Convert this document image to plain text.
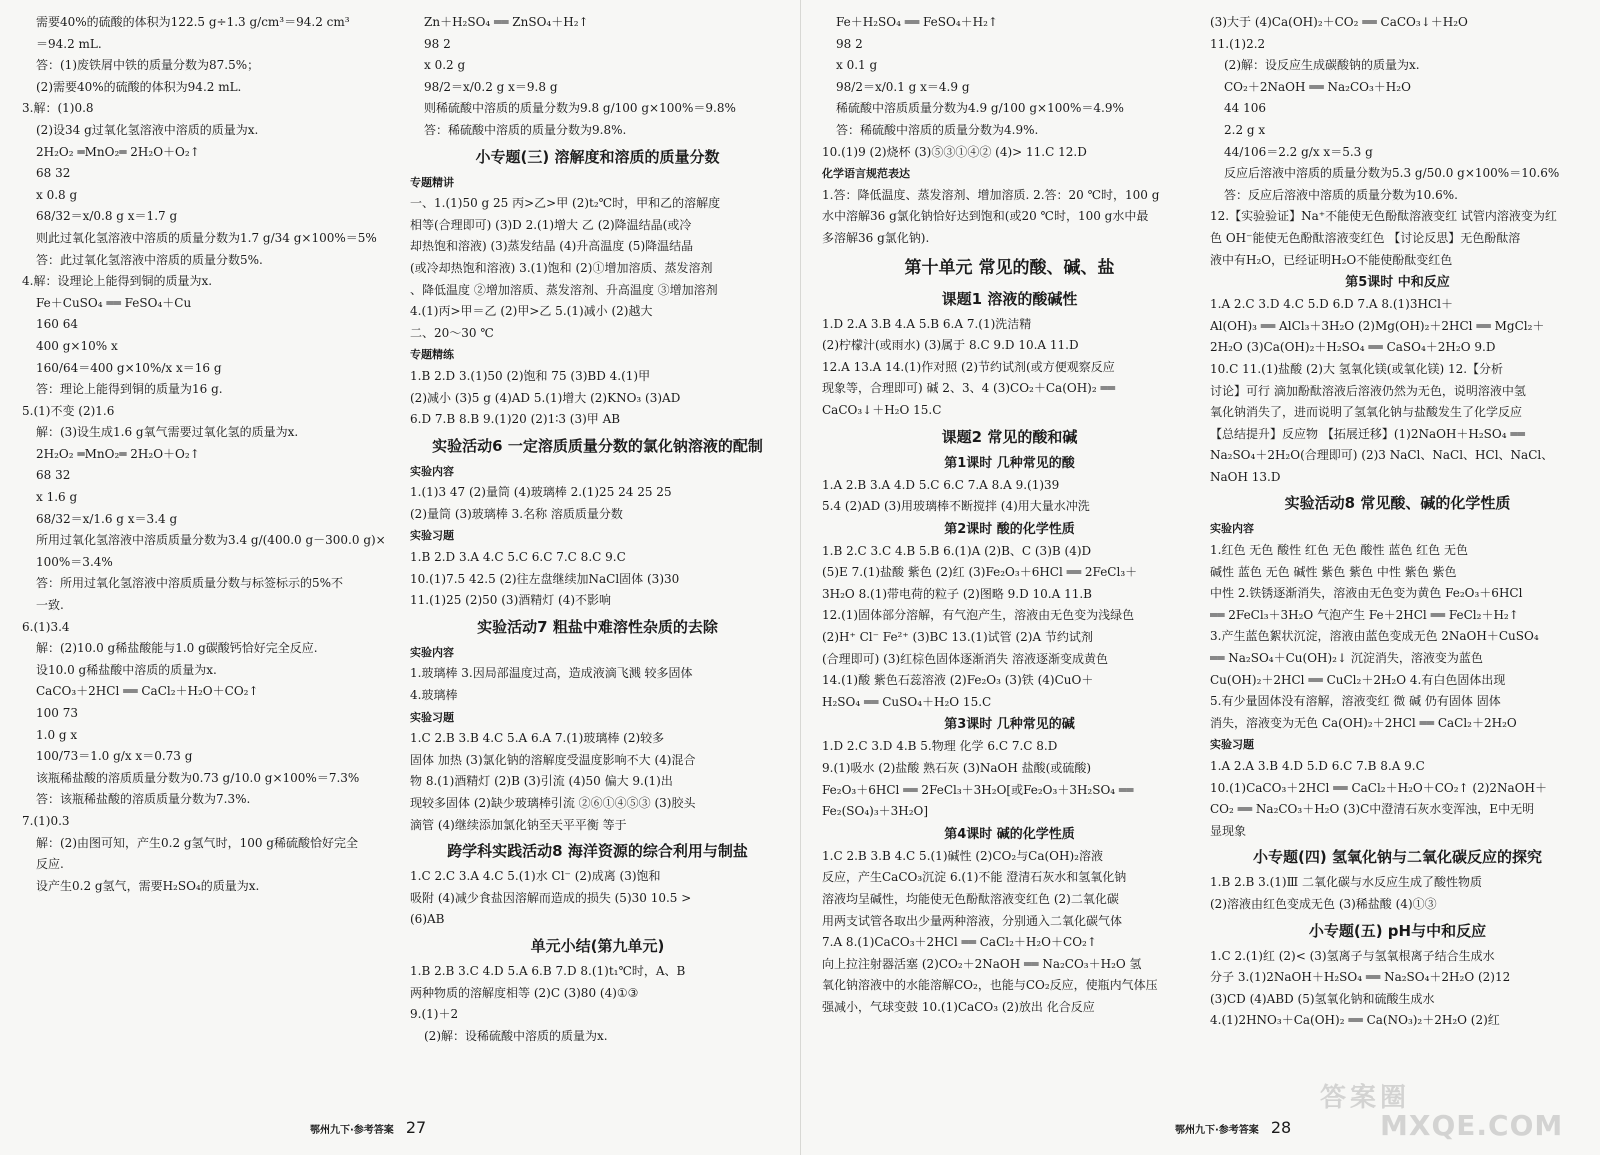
需要40%的硫酸的体积为122.5 g÷1.3 g/cm³＝94.2 cm³
＝94.2 mL.
答：(1)废铁屑中铁的质量分数为87.5%；
(2)需要40%的硫酸的体积为94.2 mL.
3.解：(1)0.8
(2)设34 g过氧化氢溶液中溶质的质量为x.
2H₂O₂ ═MnO₂═ 2H₂O＋O₂↑
68 32
x 0.8 g
68/32＝x/0.8 g x＝1.7 g
则此过氧化氢溶液中溶质的质量分数为1.7 g/34 g×100%＝5%
答：此过氧化氢溶液中溶质的质量分数5%.
4.解：设理论上能得到铜的质量为x.
Fe＋CuSO₄ ══ FeSO₄＋Cu
160 64
400 g×10% x
160/64＝400 g×10%/x x＝16 g
答：理论上能得到铜的质量为16 g.
5.(1)不变 (2)1.6
解：(3)设生成1.6 g氧气需要过氧化氢的质量为x.
2H₂O₂ ═MnO₂═ 2H₂O＋O₂↑
68 32
x 1.6 g
68/32＝x/1.6 g x＝3.4 g
所用过氧化氢溶液中溶质质量分数为3.4 g/(400.0 g－300.0 g)×
100%＝3.4%
答：所用过氧化氢溶液中溶质质量分数与标签标示的5%不
一致.
6.(1)3.4
解：(2)10.0 g稀盐酸能与1.0 g碳酸钙恰好完全反应.
设10.0 g稀盐酸中溶质的质量为x.
CaCO₃＋2HCl ══ CaCl₂＋H₂O＋CO₂↑
100 73
1.0 g x
100/73＝1.0 g/x x＝0.73 g
该瓶稀盐酸的溶质质量分数为0.73 g/10.0 g×100%＝7.3%
答：该瓶稀盐酸的溶质质量分数为7.3%.
7.(1)0.3
解：(2)由图可知，产生0.2 g氢气时，100 g稀硫酸恰好完全
反应.
设产生0.2 g氢气，需要H₂SO₄的质量为x.
Zn＋H₂SO₄ ══ ZnSO₄＋H₂↑
98 2
x 0.2 g
98/2＝x/0.2 g x＝9.8 g
则稀硫酸中溶质的质量分数为9.8 g/100 g×100%＝9.8%
答：稀硫酸中溶质的质量分数为9.8%.
小专题(三) 溶解度和溶质的质量分数
专题精讲
一、1.(1)50 g 25 丙>乙>甲 (2)t₂℃时，甲和乙的溶解度
相等(合理即可) (3)D 2.(1)增大 乙 (2)降温结晶(或冷
却热饱和溶液) (3)蒸发结晶 (4)升高温度 (5)降温结晶
(或冷却热饱和溶液) 3.(1)饱和 (2)①增加溶质、蒸发溶剂
、降低温度 ②增加溶质、蒸发溶剂、升高温度 ③增加溶剂
4.(1)丙>甲＝乙 (2)甲>乙 5.(1)减小 (2)越大
二、20～30 ℃
专题精练
1.B 2.D 3.(1)50 (2)饱和 75 (3)BD 4.(1)甲
(2)减小 (3)5 g (4)AD 5.(1)增大 (2)KNO₃ (3)AD
6.D 7.B 8.B 9.(1)20 (2)1∶3 (3)甲 AB
实验活动6 一定溶质质量分数的氯化钠溶液的配制
实验内容
1.(1)3 47 (2)量筒 (4)玻璃棒 2.(1)25 24 25 25
(2)量筒 (3)玻璃棒 3.名称 溶质质量分数
实验习题
1.B 2.D 3.A 4.C 5.C 6.C 7.C 8.C 9.C
10.(1)7.5 42.5 (2)往左盘继续加NaCl固体 (3)30
11.(1)25 (2)50 (3)酒精灯 (4)不影响
实验活动7 粗盐中难溶性杂质的去除
实验内容
1.玻璃棒 3.因局部温度过高，造成液滴飞溅 较多固体
4.玻璃棒
实验习题
1.C 2.B 3.B 4.C 5.A 6.A 7.(1)玻璃棒 (2)较多
固体 加热 (3)氯化钠的溶解度受温度影响不大 (4)混合
物 8.(1)酒精灯 (2)B (3)引流 (4)50 偏大 9.(1)出
现较多固体 (2)缺少玻璃棒引流 ②⑥①④⑤③ (3)胶头
滴管 (4)继续添加氯化钠至天平平衡 等于
跨学科实践活动8 海洋资源的综合利用与制盐
1.C 2.C 3.A 4.C 5.(1)水 Cl⁻ (2)成离 (3)饱和
吸附 (4)减少食盐因溶解而造成的损失 (5)30 10.5 >
(6)AB
单元小结(第九单元)
1.B 2.B 3.C 4.D 5.A 6.B 7.D 8.(1)t₁℃时，A、B
两种物质的溶解度相等 (2)C (3)80 (4)①③
9.(1)＋2
(2)解：设稀硫酸中溶质的质量为x.
鄂州九下·参考答案 27
Fe＋H₂SO₄ ══ FeSO₄＋H₂↑
98 2
x 0.1 g
98/2＝x/0.1 g x＝4.9 g
稀硫酸中溶质质量分数为4.9 g/100 g×100%＝4.9%
答：稀硫酸中溶质的质量分数为4.9%.
10.(1)9 (2)烧杯 (3)⑤③①④② (4)> 11.C 12.D
化学语言规范表达
1.答：降低温度、蒸发溶剂、增加溶质. 2.答：20 ℃时，100 g
水中溶解36 g氯化钠恰好达到饱和(或20 ℃时，100 g水中最
多溶解36 g氯化钠).
第十单元 常见的酸、碱、盐
课题1 溶液的酸碱性
1.D 2.A 3.B 4.A 5.B 6.A 7.(1)洗洁精
(2)柠檬汁(或雨水) (3)属于 8.C 9.D 10.A 11.D
12.A 13.A 14.(1)作对照 (2)节约试剂(或方便观察反应
现象等，合理即可) 碱 2、3、4 (3)CO₂＋Ca(OH)₂ ══
CaCO₃↓＋H₂O 15.C
课题2 常见的酸和碱
第1课时 几种常见的酸
1.A 2.B 3.A 4.D 5.C 6.C 7.A 8.A 9.(1)39
5.4 (2)AD (3)用玻璃棒不断搅拌 (4)用大量水冲洗
第2课时 酸的化学性质
1.B 2.C 3.C 4.B 5.B 6.(1)A (2)B、C (3)B (4)D
(5)E 7.(1)盐酸 紫色 (2)红 (3)Fe₂O₃＋6HCl ══ 2FeCl₃＋
3H₂O 8.(1)带电荷的粒子 (2)图略 9.D 10.A 11.B
12.(1)固体部分溶解，有气泡产生，溶液由无色变为浅绿色
(2)H⁺ Cl⁻ Fe²⁺ (3)BC 13.(1)试管 (2)A 节约试剂
(合理即可) (3)红棕色固体逐渐消失 溶液逐渐变成黄色
14.(1)酸 紫色石蕊溶液 (2)Fe₂O₃ (3)铁 (4)CuO＋
H₂SO₄ ══ CuSO₄＋H₂O 15.C
第3课时 几种常见的碱
1.D 2.C 3.D 4.B 5.物理 化学 6.C 7.C 8.D
9.(1)吸水 (2)盐酸 熟石灰 (3)NaOH 盐酸(或硫酸)
Fe₂O₃＋6HCl ══ 2FeCl₃＋3H₂O[或Fe₂O₃＋3H₂SO₄ ══
Fe₂(SO₄)₃＋3H₂O]
第4课时 碱的化学性质
1.C 2.B 3.B 4.C 5.(1)碱性 (2)CO₂与Ca(OH)₂溶液
反应，产生CaCO₃沉淀 6.(1)不能 澄清石灰水和氢氧化钠
溶液均呈碱性，均能使无色酚酞溶液变红色 (2)二氧化碳
用两支试管各取出少量两种溶液，分别通入二氧化碳气体
7.A 8.(1)CaCO₃＋2HCl ══ CaCl₂＋H₂O＋CO₂↑
向上拉注射器活塞 (2)CO₂＋2NaOH ══ Na₂CO₃＋H₂O 氢
氧化钠溶液中的水能溶解CO₂，也能与CO₂反应，使瓶内气体压
强减小，气球变鼓 10.(1)CaCO₃ (2)放出 化合反应
(3)大于 (4)Ca(OH)₂＋CO₂ ══ CaCO₃↓＋H₂O
11.(1)2.2
(2)解：设反应生成碳酸钠的质量为x.
CO₂＋2NaOH ══ Na₂CO₃＋H₂O
44 106
2.2 g x
44/106＝2.2 g/x x＝5.3 g
反应后溶液中溶质的质量分数为5.3 g/50.0 g×100%＝10.6%
答：反应后溶液中溶质的质量分数为10.6%.
12.【实验验证】Na⁺不能使无色酚酞溶液变红 试管内溶液变为红
色 OH⁻能使无色酚酞溶液变红色 【讨论反思】无色酚酞溶
液中有H₂O，已经证明H₂O不能使酚酞变红色
第5课时 中和反应
1.A 2.C 3.D 4.C 5.D 6.D 7.A 8.(1)3HCl＋
Al(OH)₃ ══ AlCl₃＋3H₂O (2)Mg(OH)₂＋2HCl ══ MgCl₂＋
2H₂O (3)Ca(OH)₂＋H₂SO₄ ══ CaSO₄＋2H₂O 9.D
10.C 11.(1)盐酸 (2)大 氢氧化镁(或氧化镁) 12.【分析
讨论】可行 滴加酚酞溶液后溶液仍然为无色，说明溶液中氢
氧化钠消失了，进而说明了氢氧化钠与盐酸发生了化学反应
【总结提升】反应物 【拓展迁移】(1)2NaOH＋H₂SO₄ ══
Na₂SO₄＋2H₂O(合理即可) (2)3 NaCl、NaCl、HCl、NaCl、
NaOH 13.D
实验活动8 常见酸、碱的化学性质
实验内容
1.红色 无色 酸性 红色 无色 酸性 蓝色 红色 无色
碱性 蓝色 无色 碱性 紫色 紫色 中性 紫色 紫色
中性 2.铁锈逐渐消失，溶液由无色变为黄色 Fe₂O₃＋6HCl
══ 2FeCl₃＋3H₂O 气泡产生 Fe＋2HCl ══ FeCl₂＋H₂↑
3.产生蓝色絮状沉淀，溶液由蓝色变成无色 2NaOH＋CuSO₄
══ Na₂SO₄＋Cu(OH)₂↓ 沉淀消失，溶液变为蓝色
Cu(OH)₂＋2HCl ══ CuCl₂＋2H₂O 4.有白色固体出现
5.有少量固体没有溶解，溶液变红 微 碱 仍有固体 固体
消失，溶液变为无色 Ca(OH)₂＋2HCl ══ CaCl₂＋2H₂O
实验习题
1.A 2.A 3.B 4.D 5.D 6.C 7.B 8.A 9.C
10.(1)CaCO₃＋2HCl ══ CaCl₂＋H₂O＋CO₂↑ (2)2NaOH＋
CO₂ ══ Na₂CO₃＋H₂O (3)C中澄清石灰水变浑浊，E中无明
显现象
小专题(四) 氢氧化钠与二氧化碳反应的探究
1.B 2.B 3.(1)Ⅲ 二氧化碳与水反应生成了酸性物质
(2)溶液由红色变成无色 (3)稀盐酸 (4)①③
小专题(五) pH与中和反应
1.C 2.(1)红 (2)< (3)氢离子与氢氧根离子结合生成水
分子 3.(1)2NaOH＋H₂SO₄ ══ Na₂SO₄＋2H₂O (2)12
(3)CD (4)ABD (5)氢氧化钠和硫酸生成水
4.(1)2HNO₃＋Ca(OH)₂ ══ Ca(NO₃)₂＋2H₂O (2)红
鄂州九下·参考答案 28
答案圈
MXQE.COM
